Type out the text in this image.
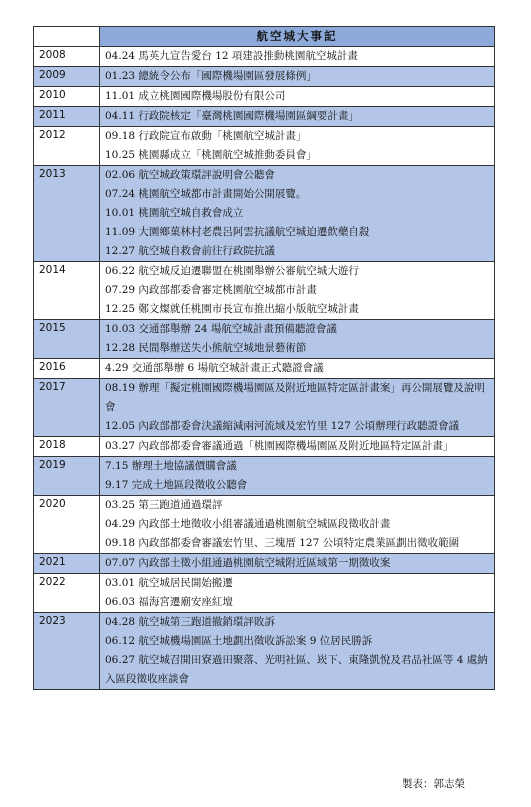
	航空城大事記
2008	04.24 馬英九宣告愛台 12 項建設推動桃園航空城計畫

2009	01.23 總統令公布「國際機場園區發展條例」

2010	11.01 成立桃園國際機場股份有限公司

2011	04.11 行政院核定「臺灣桃園國際機場園區綱要計畫」

2012	09.18 行政院宣布啟動「桃園航空城計畫」
10.25 桃園縣成立「桃園航空城推動委員會」

2013	02.06 航空城政策環評說明會公聽會
07.24 桃園航空城都市計畫開始公開展覽。
10.01 桃園航空城自救會成立
11.09 大園鄉菓林村老農呂阿雲抗議航空城迫遷飲藥自殺
12.27 航空城自救會前往行政院抗議

2014	06.22 航空城反迫遷聯盟在桃園舉辦公審航空城大遊行
07.29 內政部都委會審定桃園航空城都市計畫
12.25 鄭文燦就任桃園市長宣布推出縮小版航空城計畫

2015	10.03 交通部舉辦 24 場航空城計畫預備聽證會議
12.28 民間舉辦送失小熊航空城地景藝術節

2016	4.29 交通部舉辦 6 場航空城計畫正式聽證會議

2017	08.19 辦理「擬定桃園國際機場園區及附近地區特定區計畫案」再公開展覽及說明會
12.05 內政部都委會決議縮減兩河流域及宏竹里 127 公頃辦理行政聽證會議

2018	03.27 內政部都委會審議通過「桃園國際機場園區及附近地區特定區計畫」

2019	7.15 辦理土地協議價購會議
9.17 完成土地區段徵收公聽會

2020	03.25 第三跑道通過環評
04.29 內政部土地徵收小組審議通過桃園航空城區段徵收計畫
09.18 內政部都委會審議宏竹里、三塊厝 127 公頃特定農業區劃出徵收範圍

2021	07.07 內政部土徵小組通過桃園航空城附近區域第一期徵收案

2022	03.01 航空城居民開始搬遷
06.03 福海宮遷廟安座紅壇

2023	04.28 航空城第三跑道撤銷環評敗訴
06.12 航空城機場園區土地劃出徵收訴訟案 9 位居民勝訴
06.27 航空城召開田寮過田聚落、光明社區、崁下、東隆凱悅及君品社區等 4 處納入區段徵收座談會
製表：郭志榮
